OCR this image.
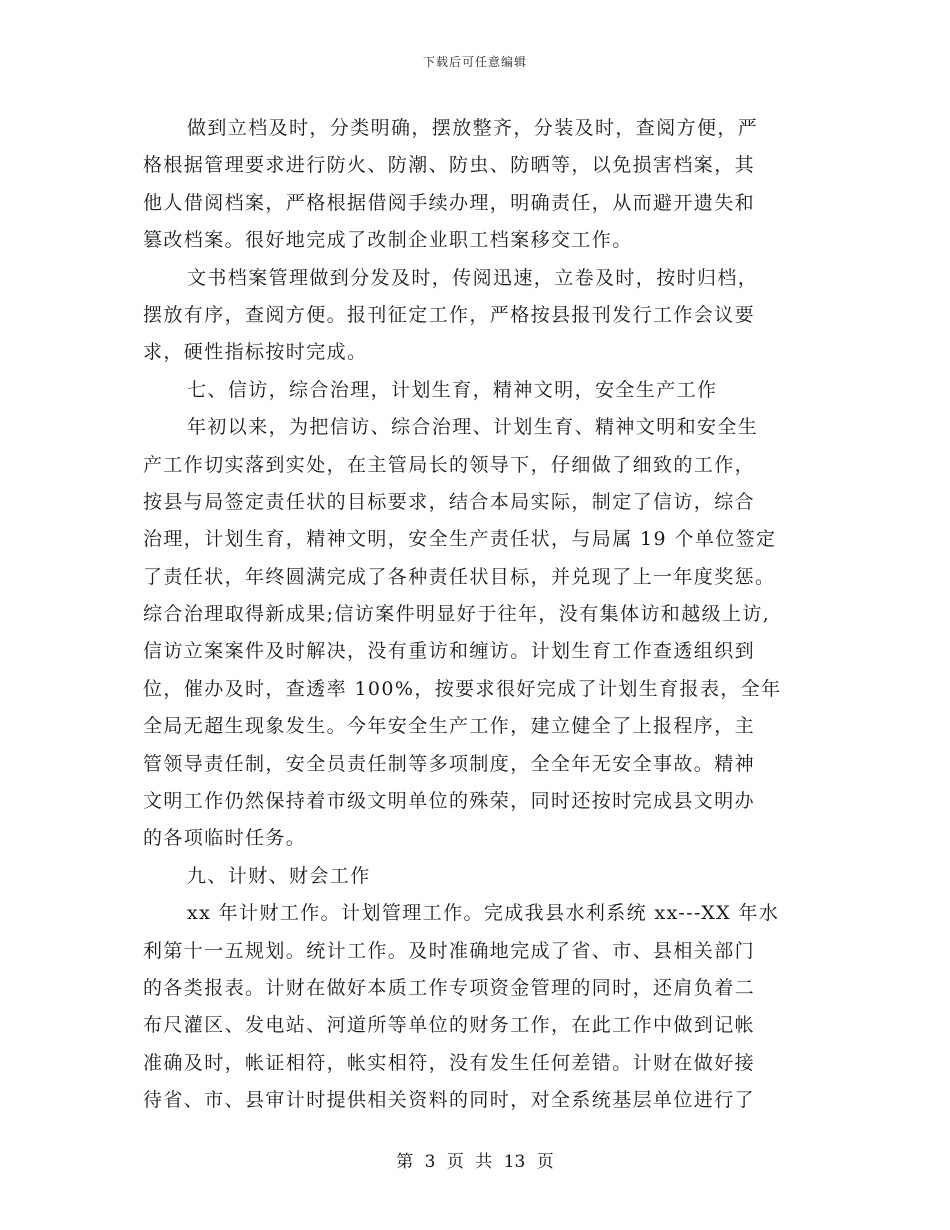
下载后可任意编辑
做到立档及时，分类明确，摆放整齐，分装及时，查阅方便，严
格根据管理要求进行防火、防潮、防虫、防晒等，以免损害档案，其
他人借阅档案，严格根据借阅手续办理，明确责任，从而避开遗失和
篡改档案。很好地完成了改制企业职工档案移交工作。
文书档案管理做到分发及时，传阅迅速，立卷及时，按时归档，
摆放有序，查阅方便。报刊征定工作，严格按县报刊发行工作会议要
求，硬性指标按时完成。
七、信访，综合治理，计划生育，精神文明，安全生产工作
年初以来，为把信访、综合治理、计划生育、精神文明和安全生
产工作切实落到实处，在主管局长的领导下，仔细做了细致的工作，
按县与局签定责任状的目标要求，结合本局实际，制定了信访，综合
治理，计划生育，精神文明，安全生产责任状，与局属 19 个单位签定
了责任状，年终圆满完成了各种责任状目标，并兑现了上一年度奖惩。
综合治理取得新成果;信访案件明显好于往年，没有集体访和越级上访,
信访立案案件及时解决，没有重访和缠访。计划生育工作查透组织到
位，催办及时，查透率 100%，按要求很好完成了计划生育报表，全年
全局无超生现象发生。今年安全生产工作，建立健全了上报程序，主
管领导责任制，安全员责任制等多项制度，全全年无安全事故。精神
文明工作仍然保持着市级文明单位的殊荣，同时还按时完成县文明办
的各项临时任务。
九、计财、财会工作
xx 年计财工作。计划管理工作。完成我县水利系统 xx---XX 年水
利第十一五规划。统计工作。及时准确地完成了省、市、县相关部门
的各类报表。计财在做好本质工作专项资金管理的同时，还肩负着二
布尺灌区、发电站、河道所等单位的财务工作，在此工作中做到记帐
准确及时，帐证相符，帐实相符，没有发生任何差错。计财在做好接
待省、市、县审计时提供相关资料的同时，对全系统基层单位进行了
第 3 页 共 13 页
